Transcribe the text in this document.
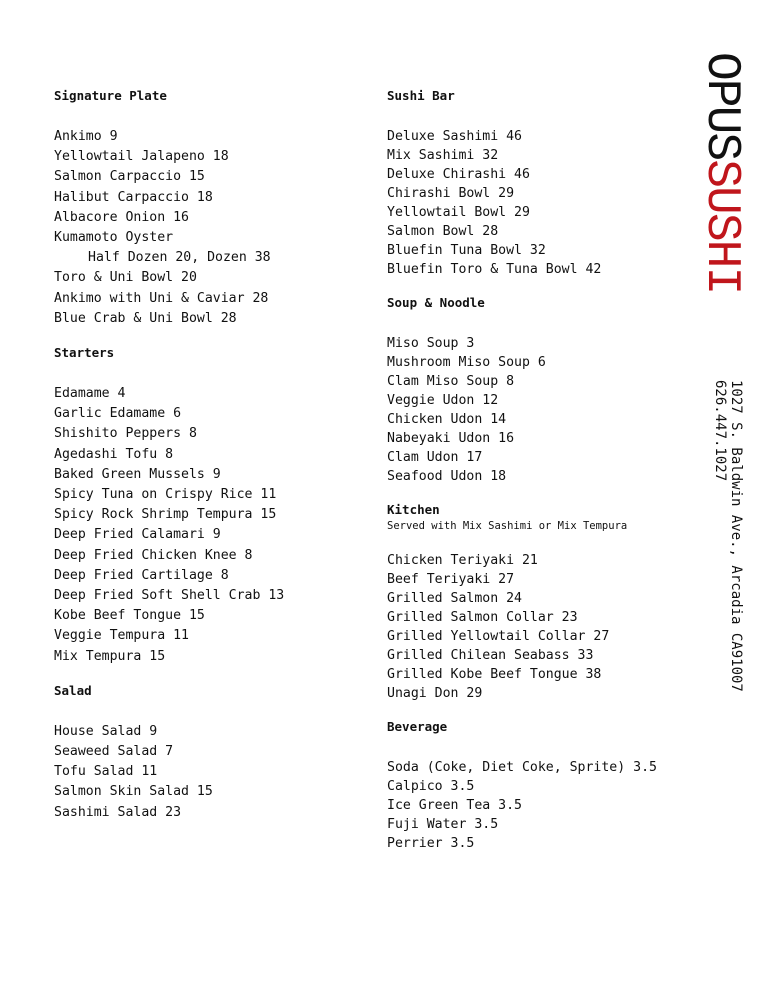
Signature Plate
Ankimo 9
Yellowtail Jalapeno 18
Salmon Carpaccio 15
Halibut Carpaccio 18
Albacore Onion 16
Kumamoto Oyster
Half Dozen 20, Dozen 38
Toro & Uni Bowl 20
Ankimo with Uni & Caviar 28
Blue Crab & Uni Bowl 28
Starters
Edamame 4
Garlic Edamame 6
Shishito Peppers 8
Agedashi Tofu 8
Baked Green Mussels 9
Spicy Tuna on Crispy Rice 11
Spicy Rock Shrimp Tempura 15
Deep Fried Calamari 9
Deep Fried Chicken Knee 8
Deep Fried Cartilage 8
Deep Fried Soft Shell Crab 13
Kobe Beef Tongue 15
Veggie Tempura 11
Mix Tempura 15
Salad
House Salad 9
Seaweed Salad 7
Tofu Salad 11
Salmon Skin Salad 15
Sashimi Salad 23
Sushi Bar
Deluxe Sashimi 46
Mix Sashimi 32
Deluxe Chirashi 46
Chirashi Bowl 29
Yellowtail Bowl 29
Salmon Bowl 28
Bluefin Tuna Bowl 32
Bluefin Toro & Tuna Bowl 42
Soup & Noodle
Miso Soup 3
Mushroom Miso Soup 6
Clam Miso Soup 8
Veggie Udon 12
Chicken Udon 14
Nabeyaki Udon 16
Clam Udon 17
Seafood Udon 18
Kitchen
Served with Mix Sashimi or Mix Tempura
Chicken Teriyaki 21
Beef Teriyaki 27
Grilled Salmon 24
Grilled Salmon Collar 23
Grilled Yellowtail Collar 27
Grilled Chilean Seabass 33
Grilled Kobe Beef Tongue 38
Unagi Don 29
Beverage
Soda (Coke, Diet Coke, Sprite) 3.5
Calpico 3.5
Ice Green Tea 3.5
Fuji Water 3.5
Perrier 3.5
OPUSSUSHI
1027 S. Baldwin Ave., Arcadia CA91007
626.447.1027
